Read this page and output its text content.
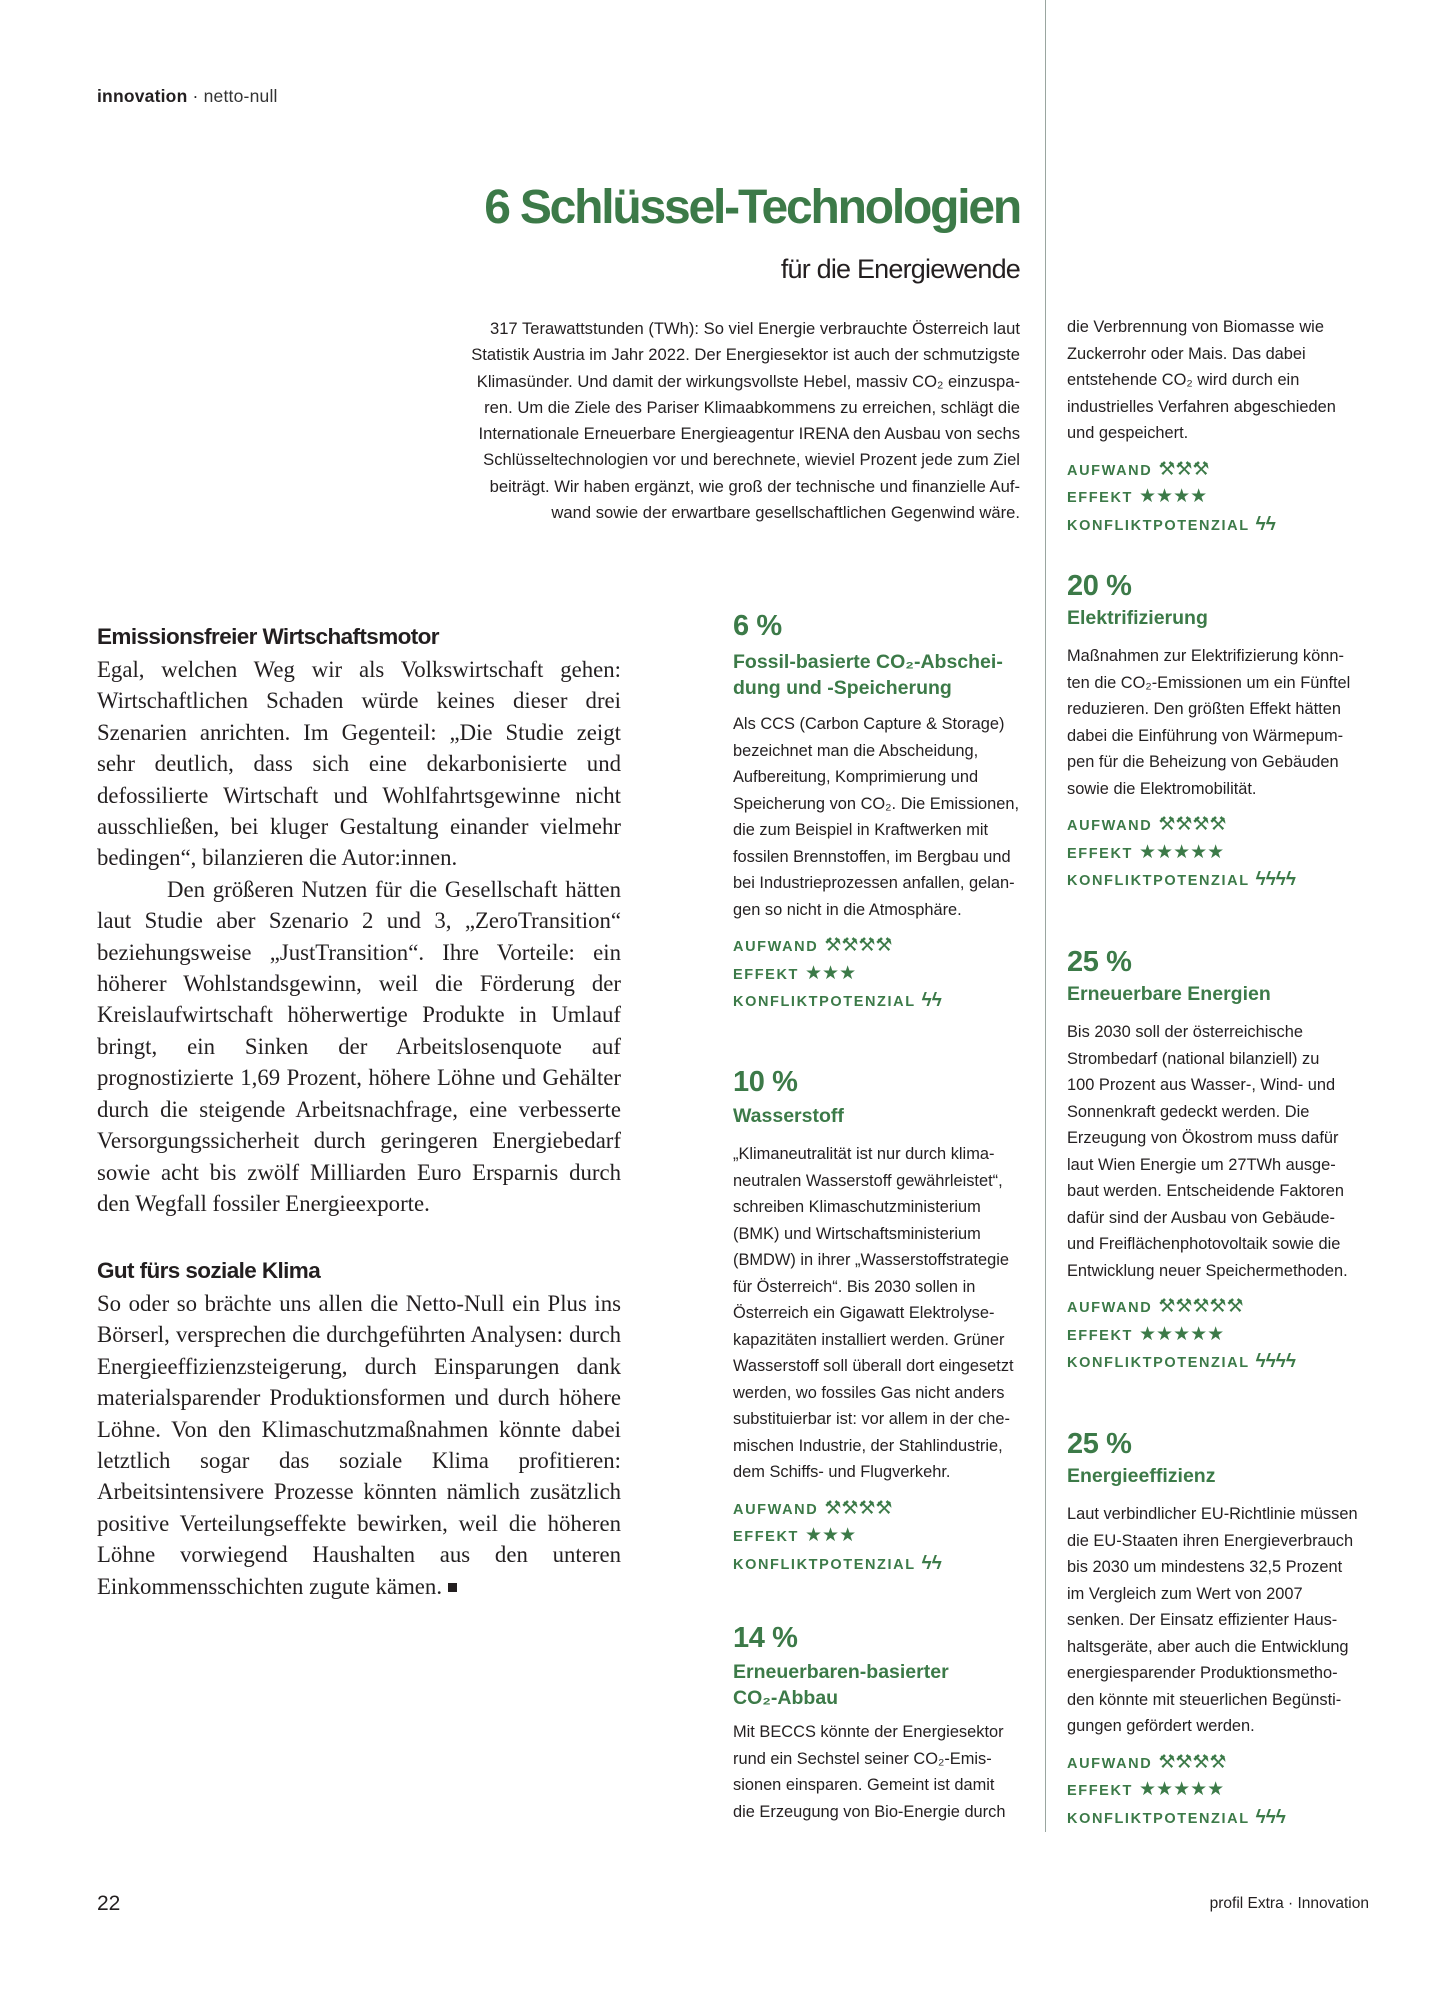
innovation · netto-null
6 Schlüssel-Technologien
für die Energiewende
317 Terawattstunden (TWh): So viel Energie verbrauchte Österreich laut
Statistik Austria im Jahr 2022. Der Energiesektor ist auch der schmutzigste
Klimasünder. Und damit der wirkungsvollste Hebel, massiv CO₂ einzuspa-
ren. Um die Ziele des Pariser Klimaabkommens zu erreichen, schlägt die
Internationale Erneuerbare Energieagentur IRENA den Ausbau von sechs
Schlüsseltechnologien vor und berechnete, wieviel Prozent jede zum Ziel
beiträgt. Wir haben ergänzt, wie groß der technische und finanzielle Auf-
wand sowie der erwartbare gesellschaftlichen Gegenwind wäre.
Emissionsfreier Wirtschaftsmotor

Egal, welchen Weg wir als Volkswirtschaft gehen: Wirtschaftlichen Schaden würde keines dieser drei Szenarien anrichten. Im Gegenteil: „Die Studie zeigt sehr deutlich, dass sich eine dekarbonisierte und defossilierte Wirtschaft und Wohlfahrtsgewinne nicht ausschließen, bei kluger Gestaltung einander vielmehr bedingen“, bilanzieren die Autor:innen.

Den größeren Nutzen für die Gesellschaft hätten laut Studie aber Szenario 2 und 3, „ZeroTransition“ beziehungsweise „JustTransition“. Ihre Vorteile: ein höherer Wohlstandsgewinn, weil die Förderung der Kreislaufwirtschaft höherwertige Produkte in Umlauf bringt, ein Sinken der Arbeitslosenquote auf prognostizierte 1,69 Prozent, höhere Löhne und Gehälter durch die steigende Arbeitsnachfrage, eine verbesserte Versorgungssicherheit durch geringeren Energiebedarf sowie acht bis zwölf Milliarden Euro Ersparnis durch den Wegfall fossiler Energieexporte.

Gut fürs soziale Klima

So oder so brächte uns allen die Netto-Null ein Plus ins Börserl, versprechen die durchgeführten Analysen: durch Energieeffizienzsteigerung, durch Einsparungen dank materialsparender Produktionsformen und durch höhere Löhne. Von den Klimaschutzmaßnahmen könnte dabei letztlich sogar das soziale Klima profitieren: Arbeitsintensivere Prozesse könnten nämlich zusätzlich positive Verteilungseffekte bewirken, weil die höheren Löhne vorwiegend Haushalten aus den unteren Einkommensschichten zugute kämen.

6 %
Fossil-basierte CO₂-Abschei-
dung und -Speicherung
Als CCS (Carbon Capture & Storage)
bezeichnet man die Abscheidung,
Aufbereitung, Komprimierung und
Speicherung von CO₂. Die Emissionen,
die zum Beispiel in Kraftwerken mit
fossilen Brennstoffen, im Bergbau und
bei Industrieprozessen anfallen, gelan-
gen so nicht in die Atmosphäre.
AUFWAND ⚒⚒⚒⚒
EFFEKT ★★★
KONFLIKTPOTENZIAL ϟϟ
10 %
Wasserstoff
„Klimaneutralität ist nur durch klima-
neutralen Wasserstoff gewährleistet“,
schreiben Klimaschutzministerium
(BMK) und Wirtschaftsministerium
(BMDW) in ihrer „Wasserstoffstrategie
für Österreich“. Bis 2030 sollen in
Österreich ein Gigawatt Elektrolyse-
kapazitäten installiert werden. Grüner
Wasserstoff soll überall dort eingesetzt
werden, wo fossiles Gas nicht anders
substituierbar ist: vor allem in der che-
mischen Industrie, der Stahlindustrie,
dem Schiffs- und Flugverkehr.
AUFWAND ⚒⚒⚒⚒
EFFEKT ★★★
KONFLIKTPOTENZIAL ϟϟ
14 %
Erneuerbaren-basierter
CO₂-Abbau
Mit BECCS könnte der Energiesektor
rund ein Sechstel seiner CO₂-Emis-
sionen einsparen. Gemeint ist damit
die Erzeugung von Bio-Energie durch
die Verbrennung von Biomasse wie
Zuckerrohr oder Mais. Das dabei
entstehende CO₂ wird durch ein
industrielles Verfahren abgeschieden
und gespeichert.
AUFWAND ⚒⚒⚒
EFFEKT ★★★★
KONFLIKTPOTENZIAL ϟϟ
20 %
Elektrifizierung
Maßnahmen zur Elektrifizierung könn-
ten die CO₂-Emissionen um ein Fünftel
reduzieren. Den größten Effekt hätten
dabei die Einführung von Wärmepum-
pen für die Beheizung von Gebäuden
sowie die Elektromobilität.
AUFWAND ⚒⚒⚒⚒
EFFEKT ★★★★★
KONFLIKTPOTENZIAL ϟϟϟϟ
25 %
Erneuerbare Energien
Bis 2030 soll der österreichische
Strombedarf (national bilanziell) zu
100 Prozent aus Wasser-, Wind- und
Sonnenkraft gedeckt werden. Die
Erzeugung von Ökostrom muss dafür
laut Wien Energie um 27TWh ausge-
baut werden. Entscheidende Faktoren
dafür sind der Ausbau von Gebäude-
und Freiflächenphotovoltaik sowie die
Entwicklung neuer Speichermethoden.
AUFWAND ⚒⚒⚒⚒⚒
EFFEKT ★★★★★
KONFLIKTPOTENZIAL ϟϟϟϟ
25 %
Energieeffizienz
Laut verbindlicher EU-Richtlinie müssen
die EU-Staaten ihren Energieverbrauch
bis 2030 um mindestens 32,5 Prozent
im Vergleich zum Wert von 2007
senken. Der Einsatz effizienter Haus-
haltsgeräte, aber auch die Entwicklung
energiesparender Produktionsmetho-
den könnte mit steuerlichen Begünsti-
gungen gefördert werden.
AUFWAND ⚒⚒⚒⚒
EFFEKT ★★★★★
KONFLIKTPOTENZIAL ϟϟϟ
22	profil Extra · Innovation
